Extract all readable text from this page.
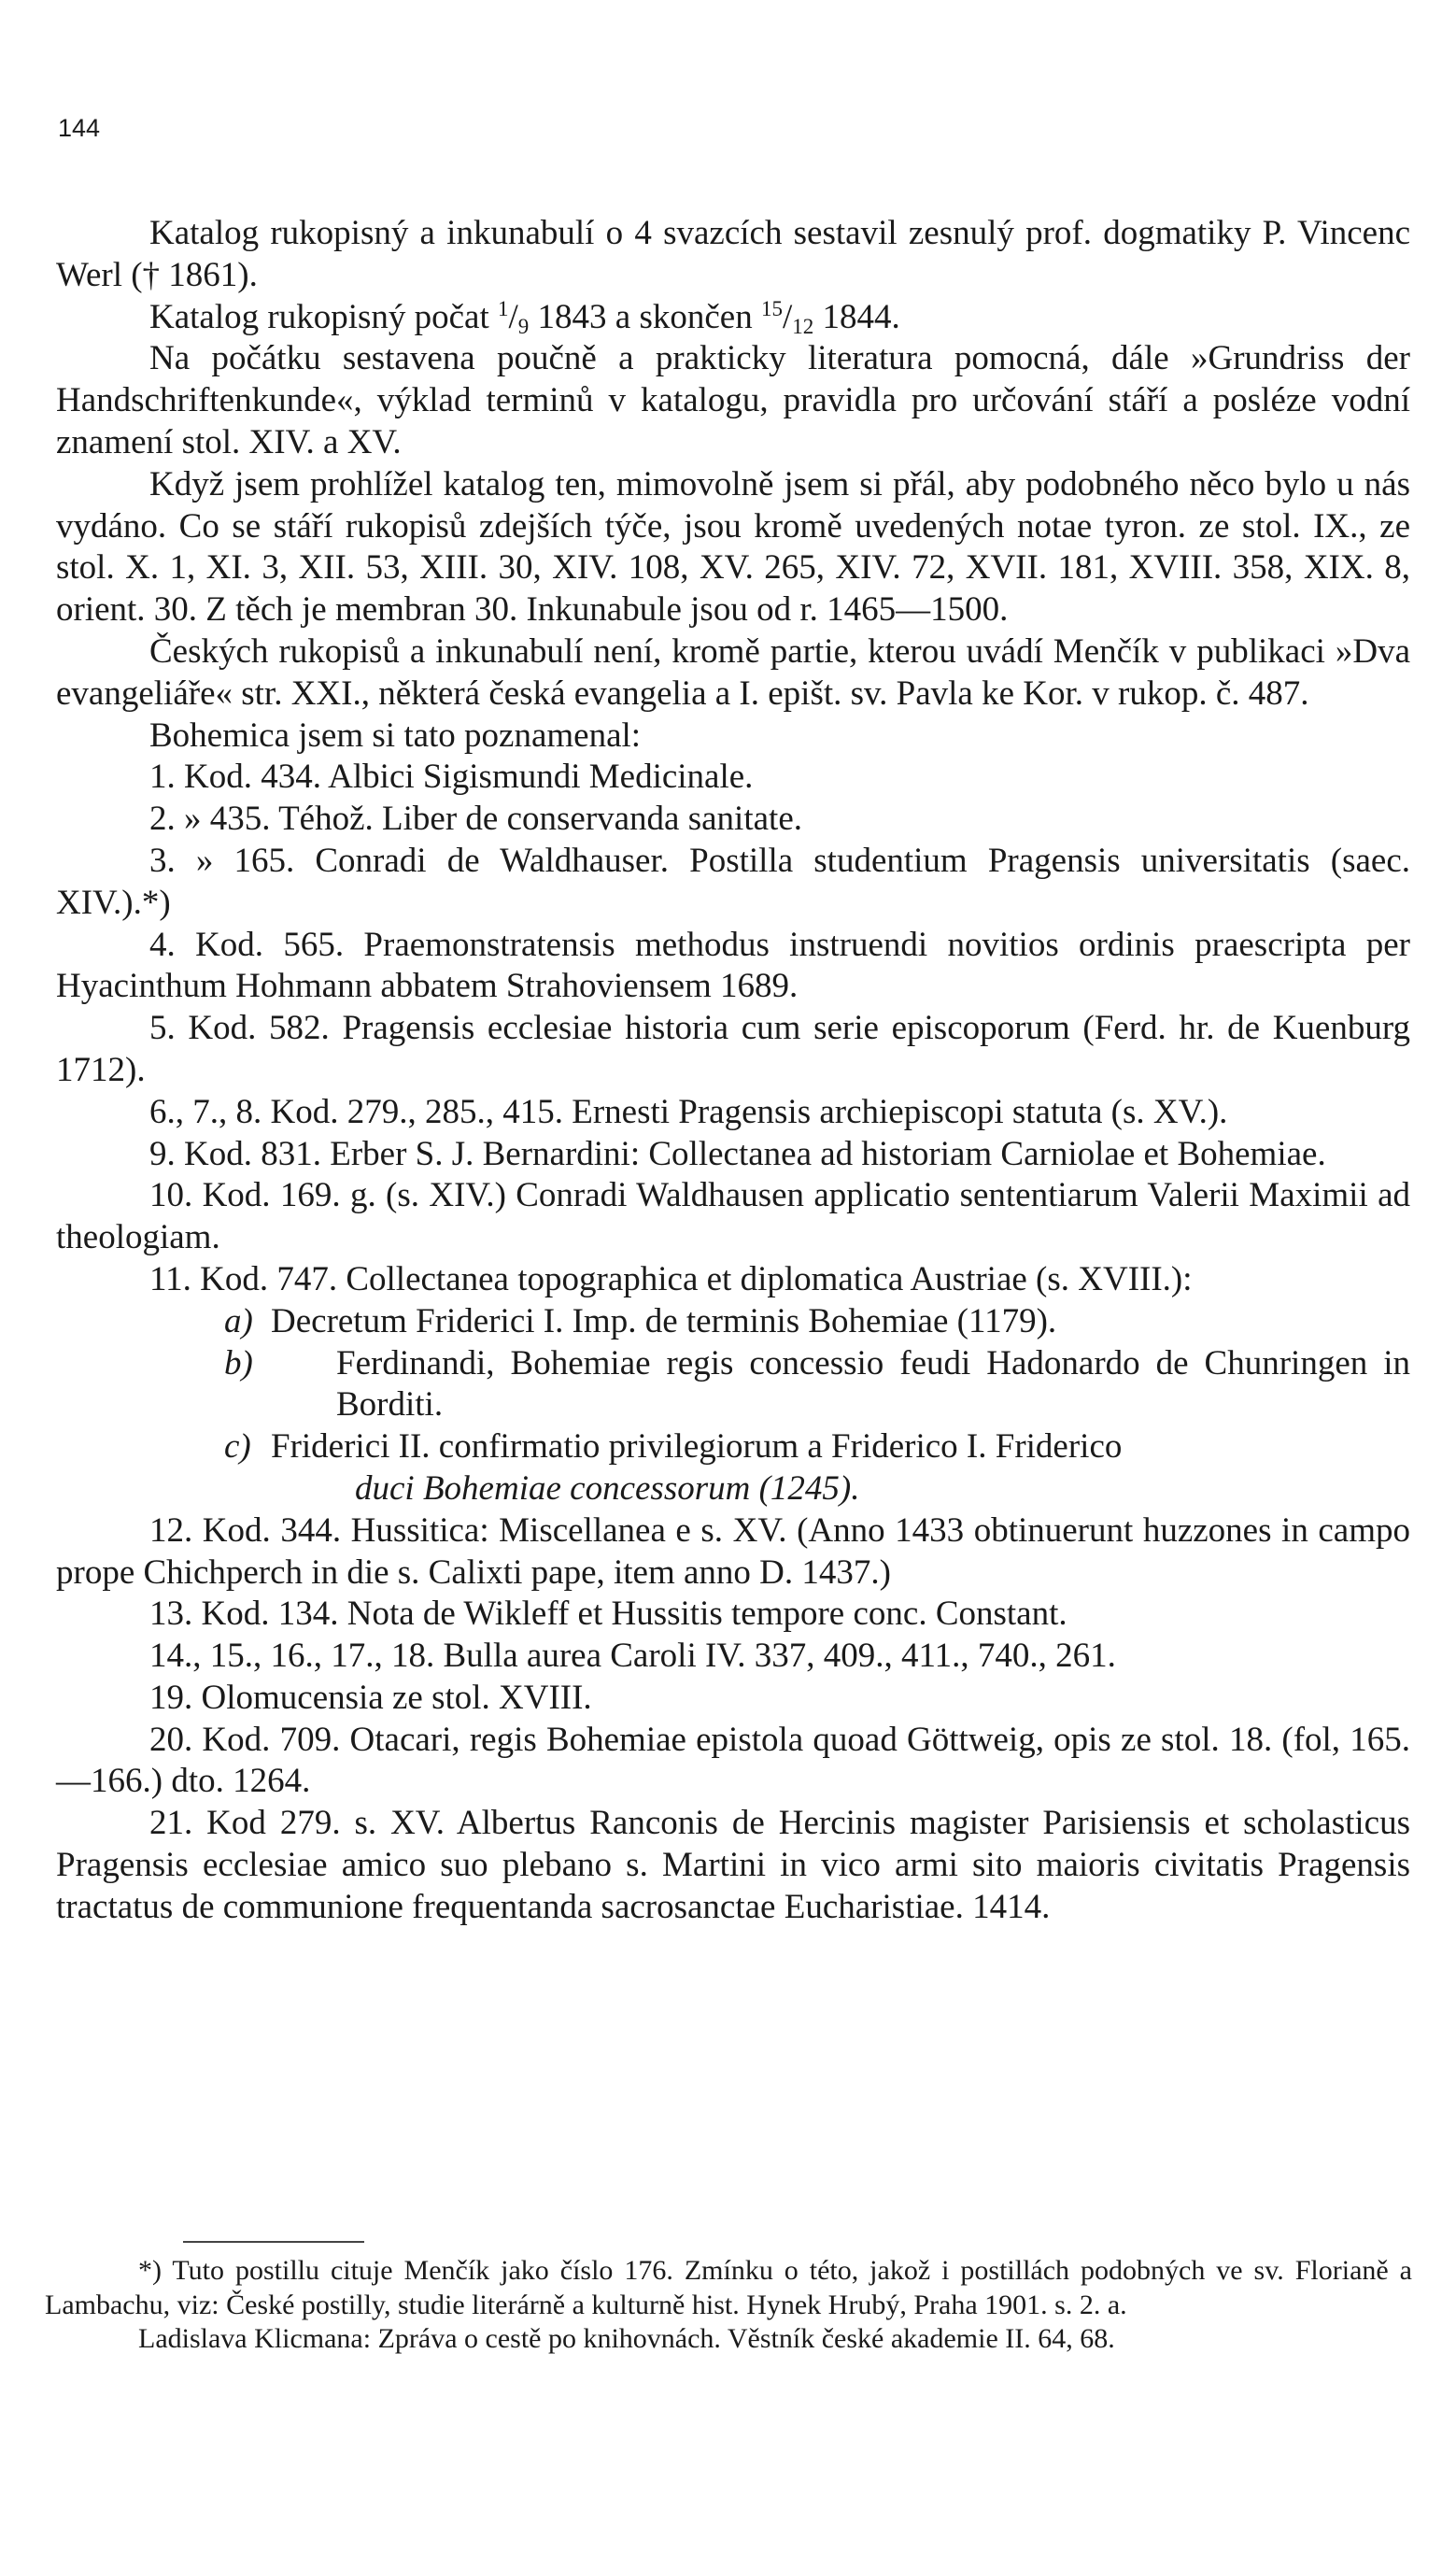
144

Katalog rukopisný a inkunabulí o 4 svazcích sestavil zesnulý prof. dogmatiky P. Vincenc Werl († 1861).

Katalog rukopisný počat $^1/_9$ 1843 a skončen $^{15}/_{12}$ 1844.

Na počátku sestavena poučně a prakticky literatura pomocná, dále »Grundriss der Handschriftenkunde«, výklad terminů v katalogu, pravidla pro určování stáří a posléze vodní znamení stol. XIV. a XV.

Když jsem prohlížel katalog ten, mimovolně jsem si přál, aby podobného něco bylo u nás vydáno. Co se stáří rukopisů zdejších týče, jsou kromě uvedených notae tyron. ze stol. IX., ze stol. X. 1, XI. 3, XII. 53, XIII. 30, XIV. 108, XV. 265, XIV. 72, XVII. 181, XVIII. 358, XIX. 8, orient. 30. Z těch je membran 30. Inkunabule jsou od r. 1465—1500.

Českých rukopisů a inkunabulí není, kromě partie, kterou uvádí Menčík v publikaci »Dva evangeliáře« str. XXI., některá česká evangelia a I. epišt. sv. Pavla ke Kor. v rukop. č. 487.

Bohemica jsem si tato poznamenal:

1. Kod. 434. Albici Sigismundi Medicinale.

2. » 435. Téhož. Liber de conservanda sanitate.

3. » 165. Conradi de Waldhauser. Postilla studentium Pragensis universitatis (saec. XIV.).*)

4. Kod. 565. Praemonstratensis methodus instruendi novitios ordinis praescripta per Hyacinthum Hohmann abbatem Strahoviensem 1689.

5. Kod. 582. Pragensis ecclesiae historia cum serie episcoporum (Ferd. hr. de Kuenburg 1712).

6., 7., 8. Kod. 279., 285., 415. Ernesti Pragensis archiepiscopi statuta (s. XV.).

9. Kod. 831. Erber S. J. Bernardini: Collectanea ad historiam Carniolae et Bohemiae.

10. Kod. 169. g. (s. XIV.) Conradi Waldhausen applicatio sententiarum Valerii Maximii ad theologiam.

11. Kod. 747. Collectanea topographica et diplomatica Austriae (s. XVIII.):

a) Decretum Friderici I. Imp. de terminis Bohemiae (1179).

b) Ferdinandi, Bohemiae regis concessio feudi Hadonardo de Chunringen in Borditi.

c) Friderici II. confirmatio privilegiorum a Friderico I. Friderico

duci Bohemiae concessorum (1245).

12. Kod. 344. Hussitica: Miscellanea e s. XV. (Anno 1433 obtinuerunt huzzones in campo prope Chichperch in die s. Calixti pape, item anno D. 1437.)

13. Kod. 134. Nota de Wikleff et Hussitis tempore conc. Constant.

14., 15., 16., 17., 18. Bulla aurea Caroli IV. 337, 409., 411., 740., 261.

19. Olomucensia ze stol. XVIII.

20. Kod. 709. Otacari, regis Bohemiae epistola quoad Göttweig, opis ze stol. 18. (fol, 165.—166.) dto. 1264.

21. Kod 279. s. XV. Albertus Ranconis de Hercinis magister Parisiensis et scholasticus Pragensis ecclesiae amico suo plebano s. Martini in vico armi sito maioris civitatis Pragensis tractatus de communione frequentanda sacrosanctae Eucharistiae. 1414.

*) Tuto postillu cituje Menčík jako číslo 176. Zmínku o této, jakož i postillách podobných ve sv. Florianě a Lambachu, viz: České postilly, studie literárně a kulturně hist. Hynek Hrubý, Praha 1901. s. 2. a.

Ladislava Klicmana: Zpráva o cestě po knihovnách. Věstník české akademie II. 64, 68.
